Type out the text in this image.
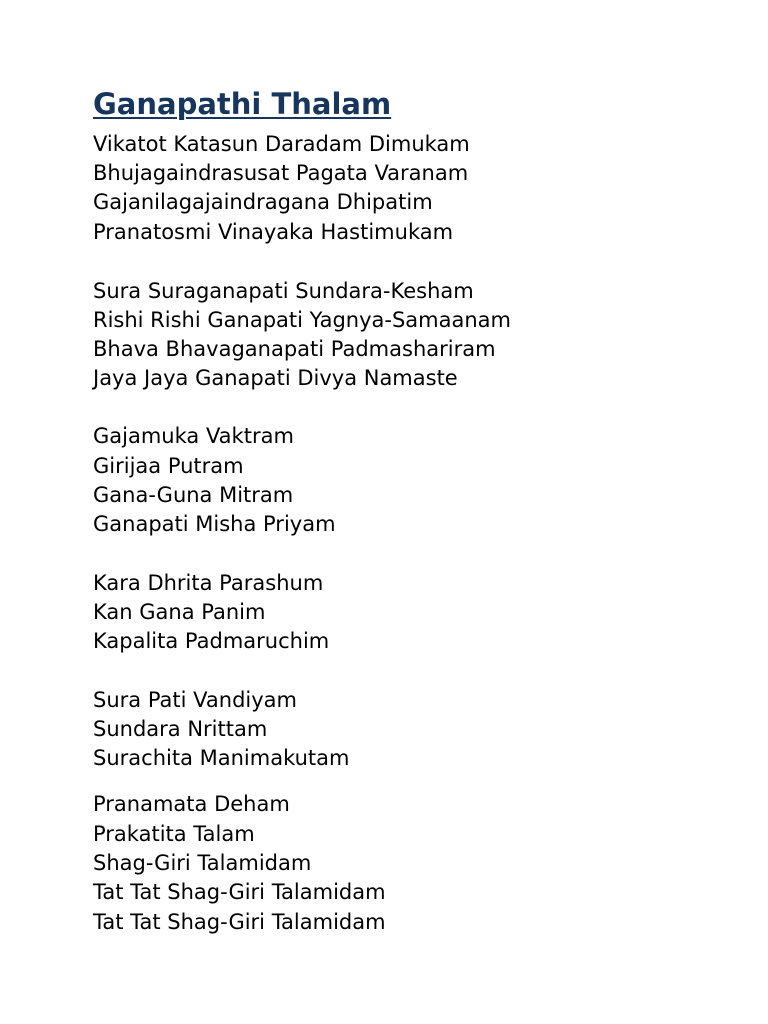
Ganapathi Thalam

Vikatot Katasun Daradam Dimukam

Bhujagaindrasusat Pagata Varanam

Gajanilagajaindragana Dhipatim

Pranatosmi Vinayaka Hastimukam

Sura Suraganapati Sundara-Kesham

Rishi Rishi Ganapati Yagnya-Samaanam

Bhava Bhavaganapati Padmashariram

Jaya Jaya Ganapati Divya Namaste

Gajamuka Vaktram

Girijaa Putram

Gana-Guna Mitram

Ganapati Misha Priyam

Kara Dhrita Parashum

Kan Gana Panim

Kapalita Padmaruchim

Sura Pati Vandiyam

Sundara Nrittam

Surachita Manimakutam

Pranamata Deham

Prakatita Talam

Shag-Giri Talamidam

Tat Tat Shag-Giri Talamidam

Tat Tat Shag-Giri Talamidam
